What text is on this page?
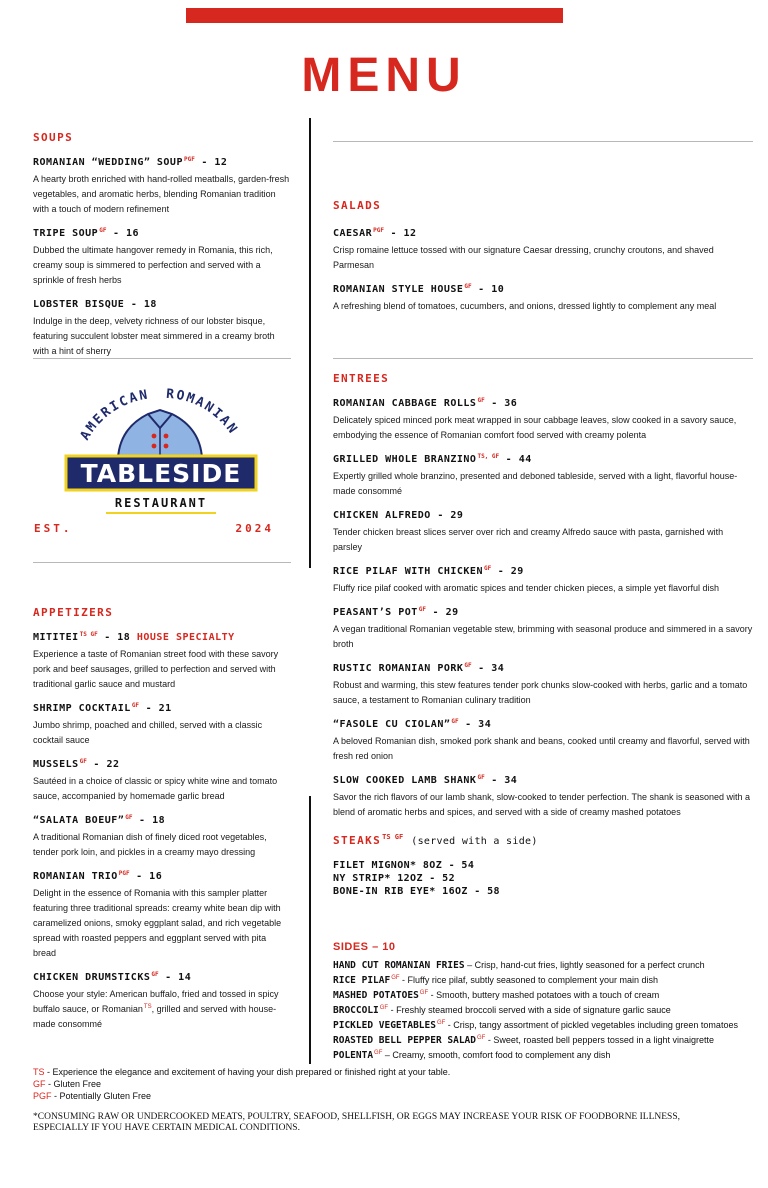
MENU
SOUPS
ROMANIAN “WEDDING” $SOUP^{PGF} - 12$
A hearty broth enriched with hand-rolled meatballs, garden-fresh vegetables, and aromatic herbs, blending Romanian tradition with a touch of modern refinement
TRIPE $SOUP^{GF} - 16$
Dubbed the ultimate hangover remedy in Romania, this rich, creamy soup is simmered to perfection and served with a sprinkle of fresh herbs
LOBSTER BISQUE - 18
Indulge in the deep, velvety richness of our lobster bisque, featuring succulent lobster meat simmered in a creamy broth with a hint of sherry
AMERICAN ROMANIAN
TABLESIDE
RESTAURANT
EST.	2024
APPETIZERS
$MITITEI^{TS GF} - 18$ HOUSE SPECIALTY
Experience a taste of Romanian street food with these savory pork and beef sausages, grilled to perfection and served with traditional garlic sauce and mustard
SHRIMP $COCKTAIL^{GF} - 21$
Jumbo shrimp, poached and chilled, served with a classic cocktail sauce
$MUSSELS^{GF} - 22$
Sautéed in a choice of classic or spicy white wine and tomato sauce, accompanied by homemade garlic bread
“SALATA BOEUF”$^{GF}$ - 18
A traditional Romanian dish of finely diced root vegetables, tender pork loin, and pickles in a creamy mayo dressing
ROMANIAN $TRIO^{PGF} - 16$
Delight in the essence of Romania with this sampler platter featuring three traditional spreads: creamy white bean dip with caramelized onions, smoky eggplant salad, and rich vegetable spread with roasted peppers and eggplant served with pita bread
CHICKEN $DRUMSTICKS^{GF} - 14$
Choose your style: American buffalo, fried and tossed in spicy buffalo sauce, or Romanian$^{TS}$, grilled and served with house-made consommé
SALADS
$CAESAR^{PGF} - 12$
Crisp romaine lettuce tossed with our signature Caesar dressing, crunchy croutons, and shaved Parmesan
ROMANIAN STYLE $HOUSE^{GF} - 10$
A refreshing blend of tomatoes, cucumbers, and onions, dressed lightly to complement any meal
ENTREES
ROMANIAN CABBAGE $ROLLS^{GF} - 36$
Delicately spiced minced pork meat wrapped in sour cabbage leaves, slow cooked in a savory sauce, embodying the essence of Romanian comfort food served with creamy polenta
GRILLED WHOLE $BRANZINO^{TS, GF} - 44$
Expertly grilled whole branzino, presented and deboned tableside, served with a light, flavorful house-made consommé
CHICKEN ALFREDO - 29
Tender chicken breast slices server over rich and creamy Alfredo sauce with pasta, garnished with parsley
RICE PILAF WITH $CHICKEN^{GF} - 29$
Fluffy rice pilaf cooked with aromatic spices and tender chicken pieces, a simple yet flavorful dish
PEASANT’S $POT^{GF} - 29$
A vegan traditional Romanian vegetable stew, brimming with seasonal produce and simmered in a savory broth
RUSTIC ROMANIAN $PORK^{GF} - 34$
Robust and warming, this stew features tender pork chunks slow-cooked with herbs, garlic and a tomato sauce, a testament to Romanian culinary tradition
“FASOLE CU CIOLAN”$^{GF}$ - 34
A beloved Romanian dish, smoked pork shank and beans, cooked until creamy and flavorful, served with fresh red onion
SLOW COOKED LAMB $SHANK^{GF} - 34$
Savor the rich flavors of our lamb shank, slow-cooked to tender perfection. The shank is seasoned with a blend of aromatic herbs and spices, and served with a side of creamy mashed potatoes
$STEAKS^{TS GF}$ (served with a side)
FILET MIGNON* 8OZ - 54
NY STRIP* 12OZ - 52
BONE-IN RIB EYE* 16OZ - 58
SIDES – 10
HAND CUT ROMANIAN FRIES – Crisp, hand-cut fries, lightly seasoned for a perfect crunch
RICE $PILAF^{GF}$ - Fluffy rice pilaf, subtly seasoned to complement your main dish
MASHED $POTATOES^{GF}$ - Smooth, buttery mashed potatoes with a touch of cream
$BROCCOLI^{GF}$ - Freshly steamed broccoli served with a side of signature garlic sauce
PICKLED $VEGETABLES^{GF}$ - Crisp, tangy assortment of pickled vegetables including green tomatoes
ROASTED BELL PEPPER $SALAD^{GF}$ - Sweet, roasted bell peppers tossed in a light vinaigrette
$POLENTA^{GF}$ – Creamy, smooth, comfort food to complement any dish
TS - Experience the elegance and excitement of having your dish prepared or finished right at your table.
GF - Gluten Free
PGF - Potentially Gluten Free
*CONSUMING RAW OR UNDERCOOKED MEATS, POULTRY, SEAFOOD, SHELLFISH, OR EGGS MAY INCREASE YOUR RISK OF FOODBORNE ILLNESS, ESPECIALLY IF YOU HAVE CERTAIN MEDICAL CONDITIONS.
